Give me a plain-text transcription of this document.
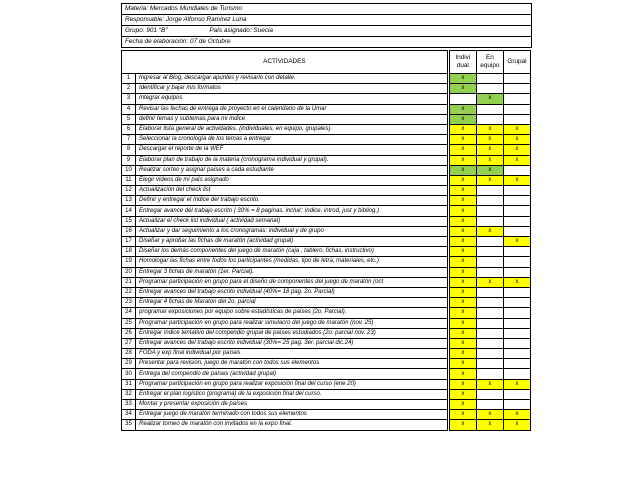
Materia: Mercados Mundiales de Turismo
Responsable: Jorge Alfonso Ramírez Luna
Grupo: 901 "B"	País asignado: Suecia
Fecha de elaboración: 07 de Octubre
ACTIVIDADES			Indivi dual	En equipo	Grupal
1	Ingresar al Blog, descargar apuntes y revisarlo con detalle.		x		
2	Identificar y bajar mis formatos		x		
3	Integrar equipos			x	
4	Revisar las fechas de entrega de proyecto en el calendario de la Umar		x		
5	definir temas y subtemas para mi índice		x		
6	Elaborar lista general de actividades. (individuales, en equipo, grupales).		x	x	x
7	Seleccionar la cronología de los temas a entregar		x	x	x
8	Descargar el reporte de la WEF		x	x	x
9	Elaborar plan de trabajo de la materia (cronograma individual y grupal).		x	x	x
10	Realizar sorteo y asignar países a cada estudiante		x	x	
11	Elegir videos de mi país asignado		x	x	x
12	Actualización del check list		x		
13	Definir y entregar el índice del trabajo escrito.		x		
14	Entregar avance del trabajo escrito ( 30% = 8 paginas, incluir: índice, introd, just y bibliog.)		x		
15	Actualizar el check list individual ( actividad semanal)		x		
16	Actualizar y dar seguimiento a los cronogramas: individual y de grupo		x	x	
17	Diseñar y aprobar las fichas de maratón (actividad grupal)		x		x
18	Diseñar los demás componentes del juego de maratón (caja , tablero, fichas, instructivo)		x		
19	Homologar las fichas entre todos los participantes (medidas, tipo de letra, materiales, etc.)		x		
20	Entregar 3 fichas de maratón (1er. Parcial).		x		
21	Programar participación en grupo para el diseño de componentes del juego de maratón (oct		x	x	x
22	Entregar avances del trabajo escrito individual (40%= 18 pag. 2o. Parcial)		x		
23	Entregar 4 fichas de Maratón del 2o. parcial		x		
24	programar exposiciones por equipo sobre estadísticas de países (2o. Parcial).		x		
25	Programar participación en grupo para realizar simulacro del juego de maratón (nov. 25)		x		
26	Entregar índice tentativo del compendio grupal de países estudiados (2o. parcial nov. 23)		x		
27	Entregar avances del trabajo escrito individual (30%= 25 pag. 3er. parcial dic.24)		x		
28	FODA y exp final individual por países		x		
29	Presentar para revisión, juego de maratón con todos sus elementos		x		
30	Entrega del compendio de países (actividad grupal)		x		
31	Programar participación en grupo para realizar exposición final del curso (ene 20)		x	x	x
32	Entregar el plan logístico (programa) de la exposición final del curso.		x		
33	Montar y presentar exposición de países		x		
34	Entregar juego de maratón terminado con todos sus elementos		x	x	x
35	Realizar torneo de maratón con invitados en la expo final.		x	x	x
